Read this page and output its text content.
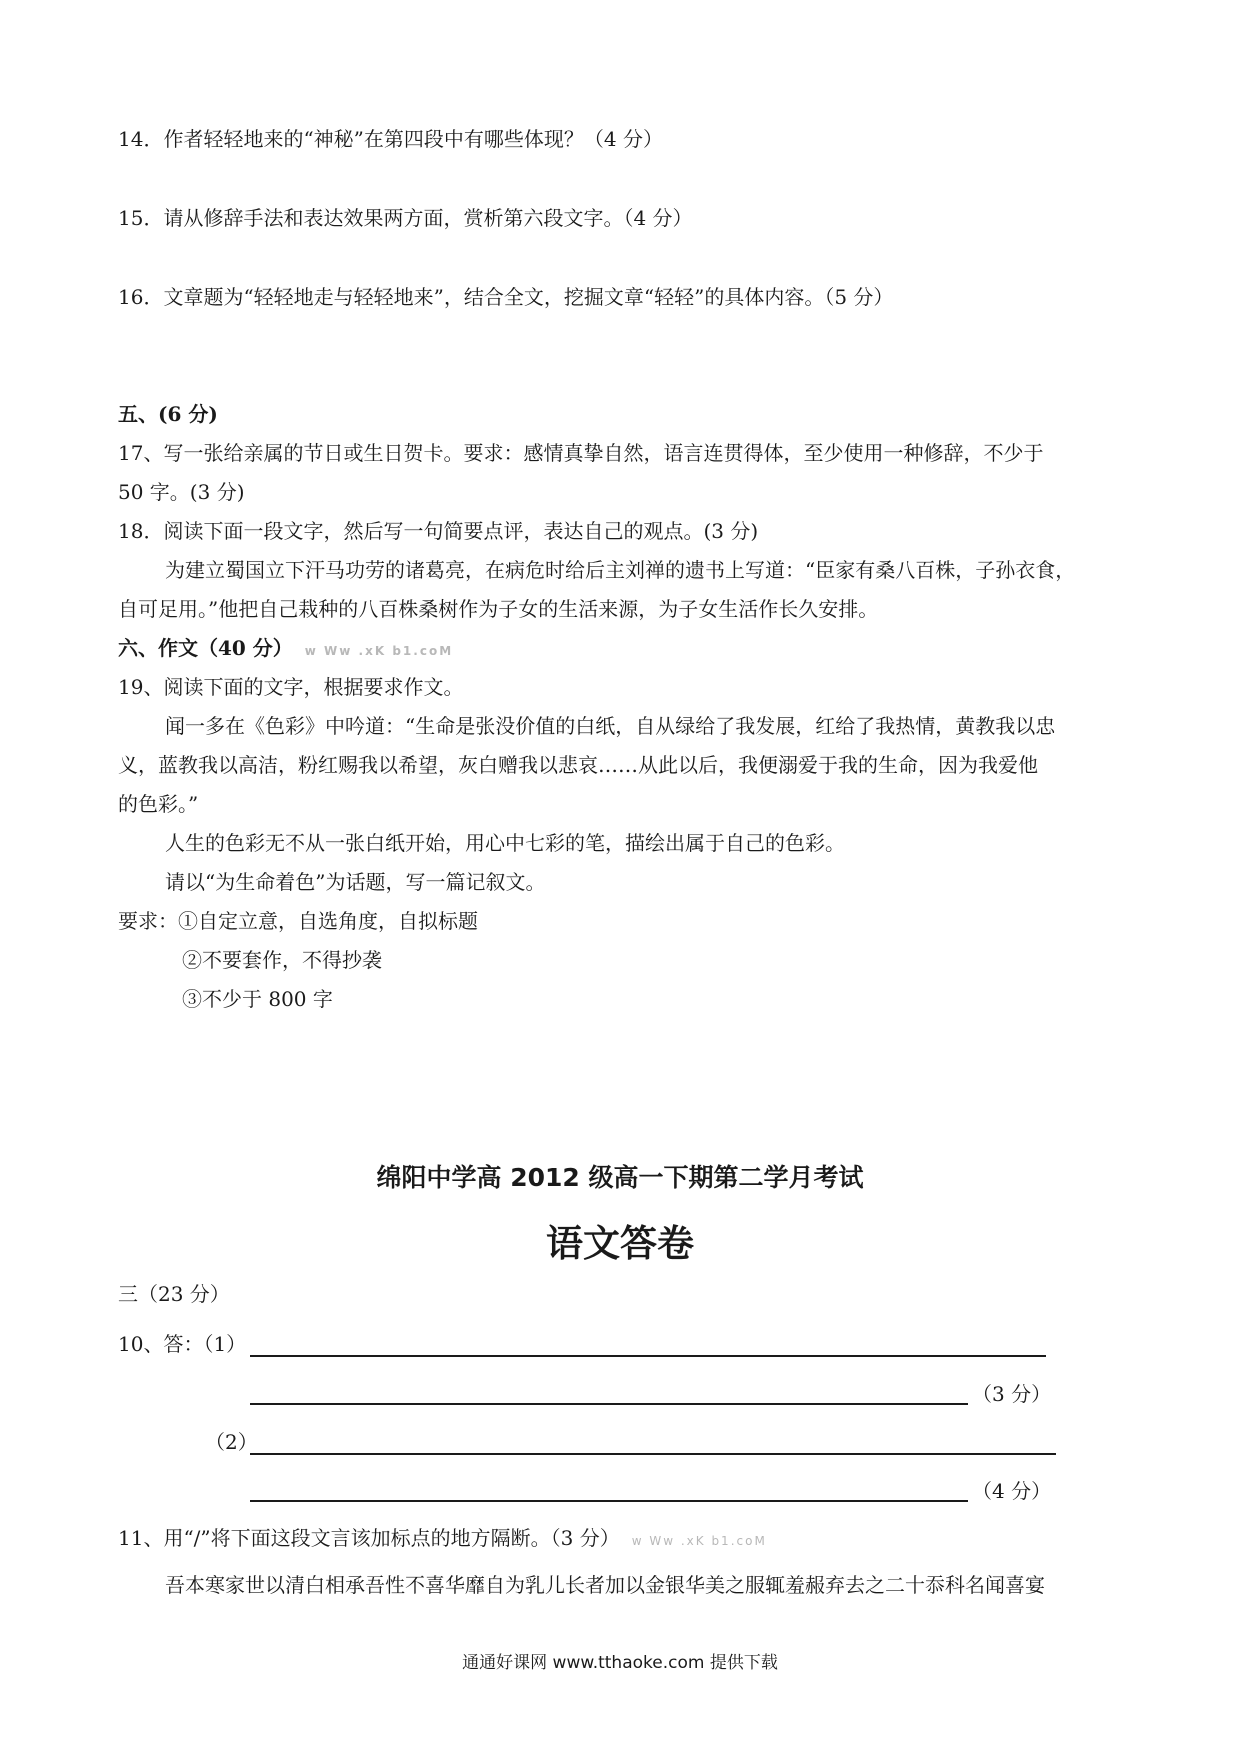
14．作者轻轻地来的“神秘”在第四段中有哪些体现？（4 分）
15．请从修辞手法和表达效果两方面，赏析第六段文字。（4 分）
16．文章题为“轻轻地走与轻轻地来”，结合全文，挖掘文章“轻轻”的具体内容。（5 分）
五、(6 分)
17、写一张给亲属的节日或生日贺卡。要求：感情真挚自然，语言连贯得体，至少使用一种修辞，不少于
50 字。(3 分)
18．阅读下面一段文字，然后写一句简要点评，表达自己的观点。(3 分)
为建立蜀国立下汗马功劳的诸葛亮，在病危时给后主刘禅的遗书上写道：“臣家有桑八百株，子孙衣食，
自可足用。”他把自己栽种的八百株桑树作为子女的生活来源，为子女生活作长久安排。
六、作文（40 分） w Ww .xK b1.coM
19、阅读下面的文字，根据要求作文。
闻一多在《色彩》中吟道：“生命是张没价值的白纸，自从绿给了我发展，红给了我热情，黄教我以忠
义，蓝教我以高洁，粉红赐我以希望，灰白赠我以悲哀……从此以后，我便溺爱于我的生命，因为我爱他
的色彩。”
人生的色彩无不从一张白纸开始，用心中七彩的笔，描绘出属于自己的色彩。
请以“为生命着色”为话题，写一篇记叙文。
要求：①自定立意，自选角度，自拟标题
②不要套作，不得抄袭
③不少于 800 字
绵阳中学高 2012 级高一下期第二学月考试
语文答卷
三（23 分）
10、答：（1）
（3 分）
（2）
（4 分）
11、用“/”将下面这段文言该加标点的地方隔断。（3 分） w Ww .xK b1.coM
吾本寒家世以清白相承吾性不喜华靡自为乳儿长者加以金银华美之服辄羞赧弃去之二十忝科名闻喜宴
通通好课网 www.tthaoke.com 提供下载
